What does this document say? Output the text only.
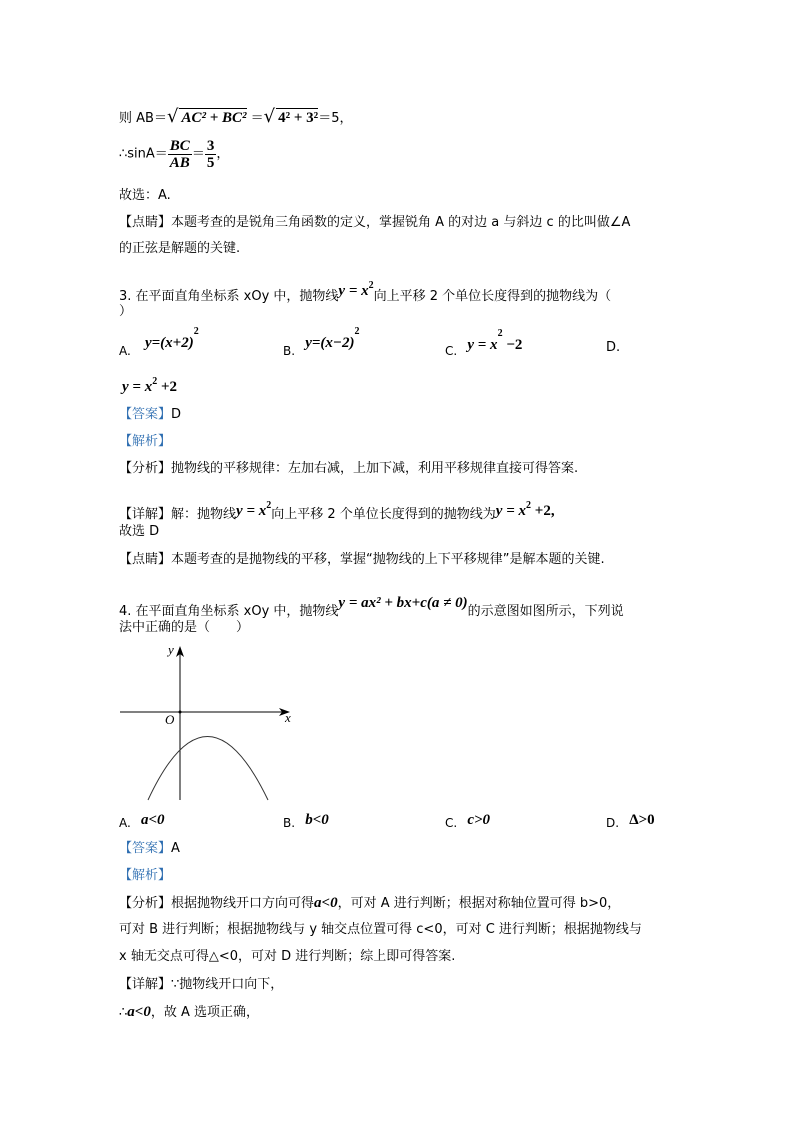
则 AB＝√ AC² + BC² ＝√ 4² + 3²＝5，
∴sinA＝ $\frac{BC}{AB} = \frac{3}{5}$ ，
故选：A.
【点睛】本题考查的是锐角三角函数的定义，掌握锐角 A 的对边 a 与斜边 c 的比叫做∠A
的正弦是解题的关键.
3. 在平面直角坐标系 xOy 中，抛物线$y = x^2$向上平移 2 个单位长度得到的抛物线为（
）
A. $y=(x+2)^2$
B. $y=(x-2)^2$
C. $y = x^2 -2$	D.
$y = x^2 +2$
【答案】D
【解析】
【分析】抛物线的平移规律：左加右减，上加下减，利用平移规律直接可得答案.
【详解】解：抛物线$y = x^2$向上平移 2 个单位长度得到的抛物线为$y = x^2 +2$,
故选 D
【点睛】本题考查的是抛物线的平移，掌握“抛物线的上下平移规律”是解本题的关键.
4. 在平面直角坐标系 xOy 中，抛物线y = ax² + bx+c(a ≠ 0)的示意图如图所示，下列说
法中正确的是（　　）
y
x
O
A. a<0	B. b<0	C. c>0	D. Δ>0
【答案】A
【解析】
【分析】根据抛物线开口方向可得a<0，可对 A 进行判断；根据对称轴位置可得 b>0，
可对 B 进行判断；根据抛物线与 y 轴交点位置可得 c<0，可对 C 进行判断；根据抛物线与
x 轴无交点可得△<0，可对 D 进行判断；综上即可得答案.
【详解】∵抛物线开口向下，
∴a<0，故 A 选项正确，
